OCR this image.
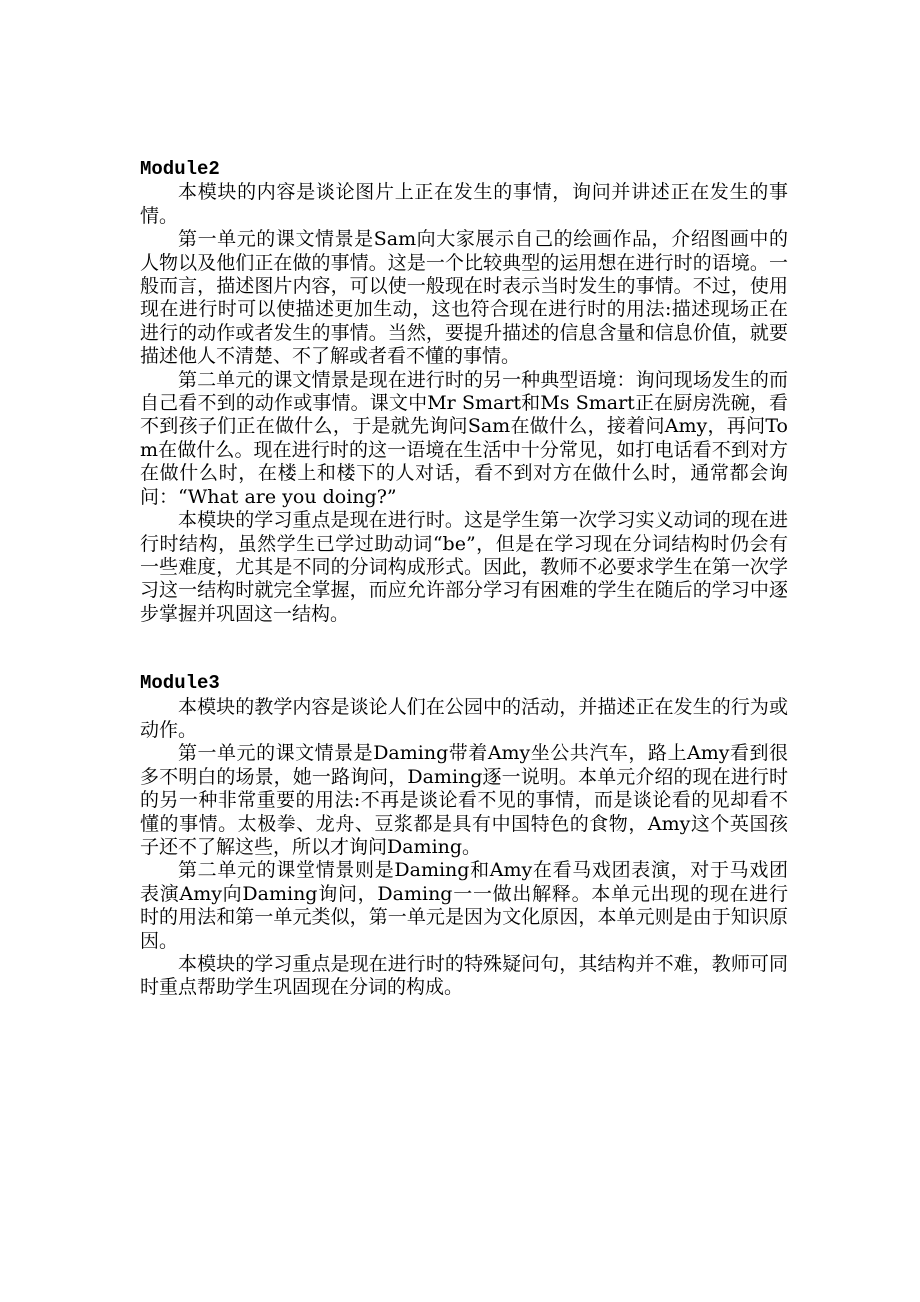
Module2

本模块的内容是谈论图片上正在发生的事情，询问并讲述正在发生的事情。

第一单元的课文情景是Sam向大家展示自己的绘画作品，介绍图画中的人物以及他们正在做的事情。这是一个比较典型的运用想在进行时的语境。一般而言，描述图片内容，可以使一般现在时表示当时发生的事情。不过，使用现在进行时可以使描述更加生动，这也符合现在进行时的用法:描述现场正在进行的动作或者发生的事情。当然，要提升描述的信息含量和信息价值，就要描述他人不清楚、不了解或者看不懂的事情。

第二单元的课文情景是现在进行时的另一种典型语境：询问现场发生的而自己看不到的动作或事情。课文中Mr Smart和Ms Smart正在厨房洗碗，看不到孩子们正在做什么，于是就先询问Sam在做什么，接着问Amy，再问Tom在做什么。现在进行时的这一语境在生活中十分常见，如打电话看不到对方在做什么时，在楼上和楼下的人对话，看不到对方在做什么时，通常都会询问：“What are you doing?”

本模块的学习重点是现在进行时。这是学生第一次学习实义动词的现在进行时结构，虽然学生已学过助动词“be”，但是在学习现在分词结构时仍会有一些难度，尤其是不同的分词构成形式。因此，教师不必要求学生在第一次学习这一结构时就完全掌握，而应允许部分学习有困难的学生在随后的学习中逐步掌握并巩固这一结构。

Module3

本模块的教学内容是谈论人们在公园中的活动，并描述正在发生的行为或动作。

第一单元的课文情景是Daming带着Amy坐公共汽车，路上Amy看到很多不明白的场景，她一路询问，Daming逐一说明。本单元介绍的现在进行时的另一种非常重要的用法:不再是谈论看不见的事情，而是谈论看的见却看不懂的事情。太极拳、龙舟、豆浆都是具有中国特色的食物，Amy这个英国孩子还不了解这些，所以才询问Daming。

第二单元的课堂情景则是Daming和Amy在看马戏团表演，对于马戏团表演Amy向Daming询问，Daming一一做出解释。本单元出现的现在进行时的用法和第一单元类似，第一单元是因为文化原因，本单元则是由于知识原因。

本模块的学习重点是现在进行时的特殊疑问句，其结构并不难，教师可同时重点帮助学生巩固现在分词的构成。
